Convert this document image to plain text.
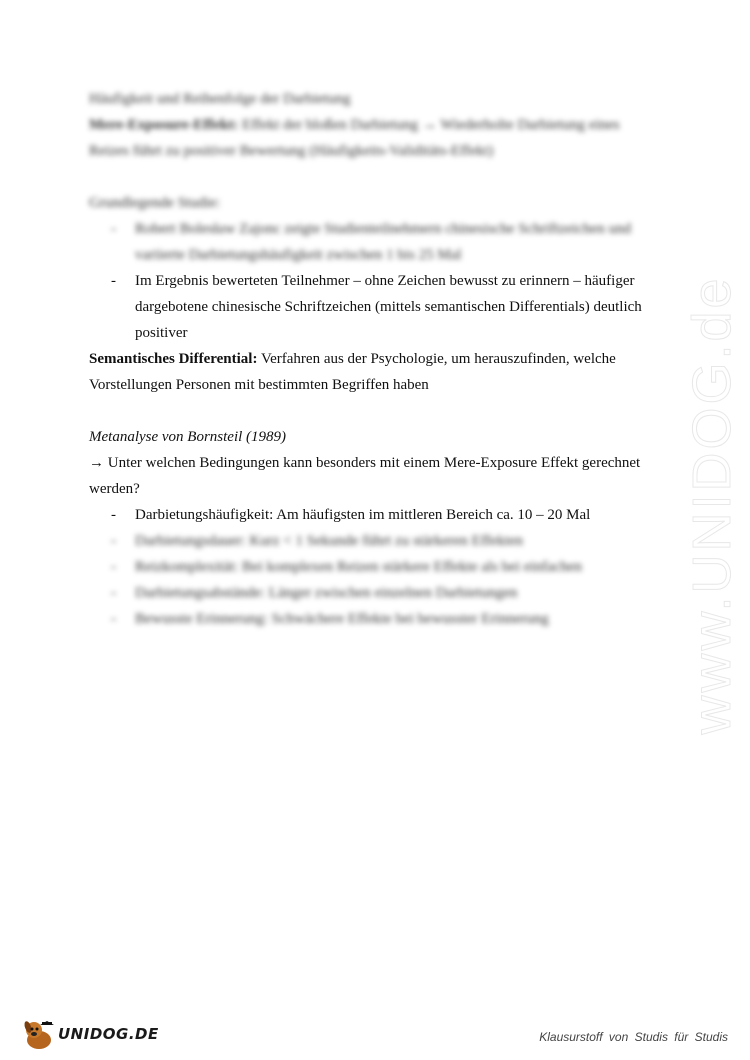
www.UNIDOG.de
Häufigkeit und Reihenfolge der Darbietung
Mere-Exposure-Effekt: Effekt der bloßen Darbietung → Wiederholte Darbietung eines
Reizes führt zu positiver Bewertung (Häufigkeits-Validitäts-Effekt)
Grundlegende Studie:
- Robert Bolesław Zajonc zeigte Studienteilnehmern chinesische Schriftzeichen und
variierte Darbietungshäufigkeit zwischen 1 bis 25 Mal
- Im Ergebnis bewerteten Teilnehmer – ohne Zeichen bewusst zu erinnern – häufiger
dargebotene chinesische Schriftzeichen (mittels semantischen Differentials) deutlich
positiver
Semantisches Differential: Verfahren aus der Psychologie, um herauszufinden, welche
Vorstellungen Personen mit bestimmten Begriffen haben
Metanalyse von Bornsteil (1989)
→ Unter welchen Bedingungen kann besonders mit einem Mere-Exposure Effekt gerechnet
werden?
- Darbietungshäufigkeit: Am häufigsten im mittleren Bereich ca. 10 – 20 Mal
- Darbietungsdauer: Kurz < 1 Sekunde führt zu stärkeren Effekten
- Reizkomplexität: Bei komplexen Reizen stärkere Effekte als bei einfachen
- Darbietungsabstände: Länger zwischen einzelnen Darbietungen
- Bewusste Erinnerung: Schwächere Effekte bei bewusster Erinnerung
UNIDOG.DE	Klausurstoff von Studis für Studis
